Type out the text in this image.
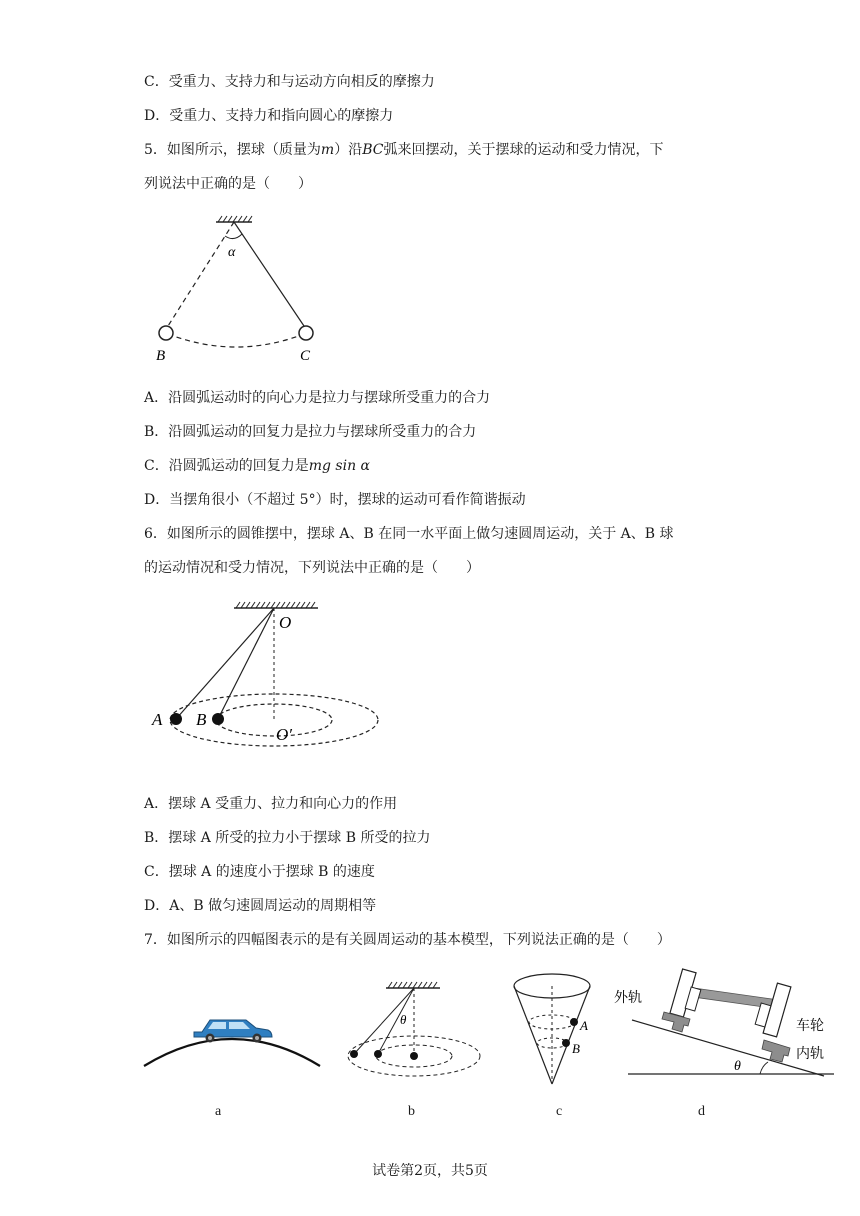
C．受重力、支持力和与运动方向相反的摩擦力
D．受重力、支持力和指向圆心的摩擦力
5．如图所示，摆球（质量为m）沿BC弧来回摆动，关于摆球的运动和受力情况，下
列说法中正确的是（　　）
α
B	C
A．沿圆弧运动时的向心力是拉力与摆球所受重力的合力
B．沿圆弧运动的回复力是拉力与摆球所受重力的合力
C．沿圆弧运动的回复力是mg sin α
D．当摆角很小（不超过 5°）时，摆球的运动可看作简谐振动
6．如图所示的圆锥摆中，摆球 A、B 在同一水平面上做匀速圆周运动，关于 A、B 球
的运动情况和受力情况，下列说法中正确的是（　　）
O
O′
A B
A．摆球 A 受重力、拉力和向心力的作用
B．摆球 A 所受的拉力小于摆球 B 所受的拉力
C．摆球 A 的速度小于摆球 B 的速度
D．A、B 做匀速圆周运动的周期相等
7．如图所示的四幅图表示的是有关圆周运动的基本模型，下列说法正确的是（　　）
θ	A
B
外轨
车轮
内轨
θ
a	b	c	d
试卷第2页，共5页
